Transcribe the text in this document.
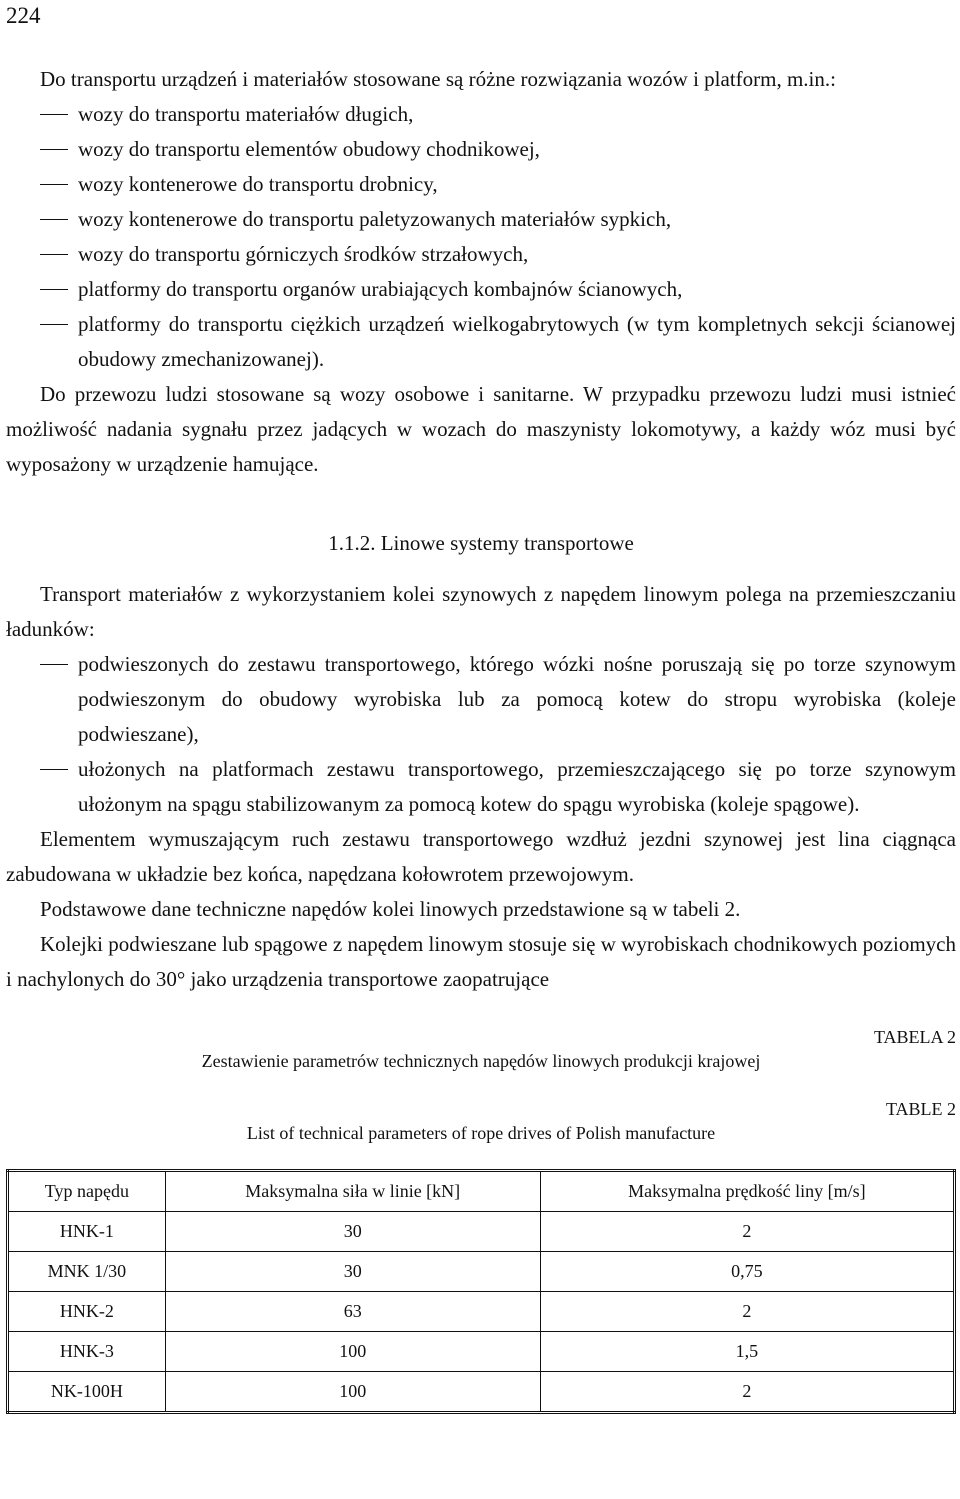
224

Do transportu urządzeń i materiałów stosowane są różne rozwiązania wozów i platform, m.in.:

wozy do transportu materiałów długich,

wozy do transportu elementów obudowy chodnikowej,

wozy kontenerowe do transportu drobnicy,

wozy kontenerowe do transportu paletyzowanych materiałów sypkich,

wozy do transportu górniczych środków strzałowych,

platformy do transportu organów urabiających kombajnów ścianowych,

platformy do transportu ciężkich urządzeń wielkogabrytowych (w tym kompletnych sekcji ścianowej obudowy zmechanizowanej).

Do przewozu ludzi stosowane są wozy osobowe i sanitarne. W przypadku przewozu ludzi musi istnieć możliwość nadania sygnału przez jadących w wozach do maszynisty lokomotywy, a każdy wóz musi być wyposażony w urządzenie hamujące.

1.1.2. Linowe systemy transportowe

Transport materiałów z wykorzystaniem kolei szynowych z napędem linowym polega na przemieszczaniu ładunków:

podwieszonych do zestawu transportowego, którego wózki nośne poruszają się po torze szynowym podwieszonym do obudowy wyrobiska lub za pomocą kotew do stropu wyrobiska (koleje podwieszane),

ułożonych na platformach zestawu transportowego, przemieszczającego się po torze szynowym ułożonym na spągu stabilizowanym za pomocą kotew do spągu wyrobiska (koleje spągowe).

Elementem wymuszającym ruch zestawu transportowego wzdłuż jezdni szynowej jest lina ciągnąca zabudowana w układzie bez końca, napędzana kołowrotem przewojowym.

Podstawowe dane techniczne napędów kolei linowych przedstawione są w tabeli 2.

Kolejki podwieszane lub spągowe z napędem linowym stosuje się w wyrobiskach chodnikowych poziomych i nachylonych do 30° jako urządzenia transportowe zaopatrujące

TABELA 2

Zestawienie parametrów technicznych napędów linowych produkcji krajowej

TABLE 2

List of technical parameters of rope drives of Polish manufacture

Typ napędu	Maksymalna siła w linie [kN]	Maksymalna prędkość liny [m/s]
HNK-1	30	2
MNK 1/30	30	0,75
HNK-2	63	2
HNK-3	100	1,5
NK-100H	100	2
